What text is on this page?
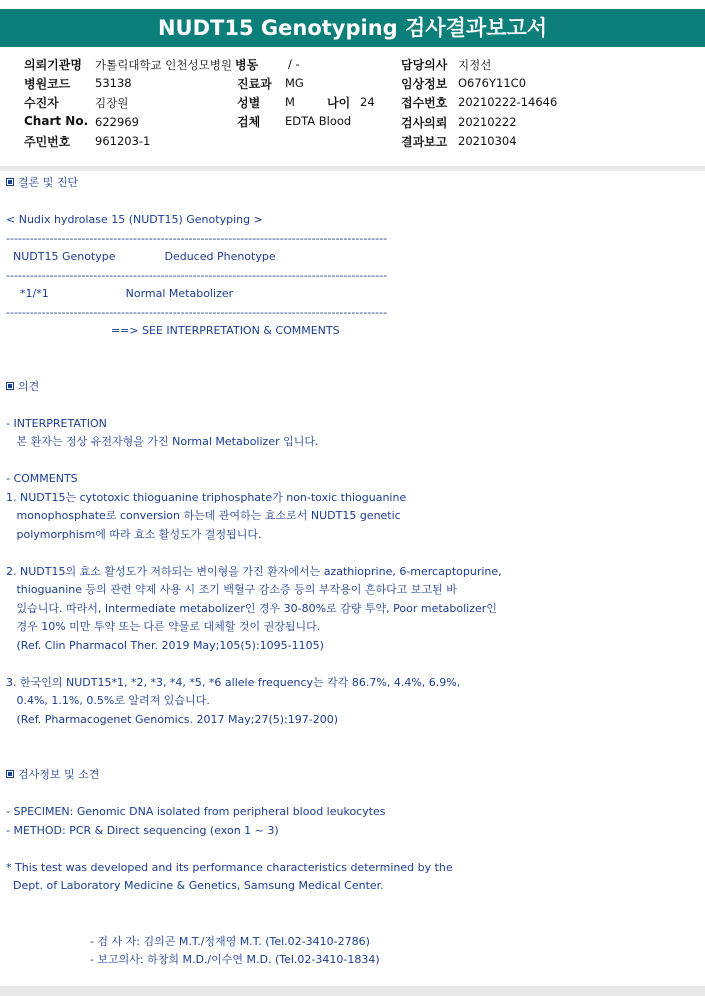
NUDT15 Genotyping 검사결과보고서
의뢰기관명 가톨릭대학교 인천성모병원 병동	/ -	담당의사 지정선
병원코드 53138	진료과 MG	임상정보 O676Y11C0
수진자	김장원	성별 M	나이 24 접수번호 20210222-14646
Chart No. 622969	검체 EDTA Blood	검사의뢰 20210222
주민번호 961203-1	결과보고 20210304
결론 및 진단
< Nudix hydrolase 15 (NUDT15) Genotyping >
------------------------------------------------------------------------------------------------
NUDT15 Genotype              Deduced Phenotype
------------------------------------------------------------------------------------------------
*1/*1                      Normal Metabolizer
------------------------------------------------------------------------------------------------
==> SEE INTERPRETATION & COMMENTS
의견
- INTERPRETATION
본 환자는 정상 유전자형을 가진 Normal Metabolizer 입니다.
- COMMENTS
1. NUDT15는 cytotoxic thioguanine triphosphate가 non-toxic thioguanine
monophosphate로 conversion 하는데 관여하는 효소로서 NUDT15 genetic
polymorphism에 따라 효소 활성도가 결정됩니다.
2. NUDT15의 효소 활성도가 저하되는 변이형을 가진 환자에서는 azathioprine, 6-mercaptopurine,
thioguanine 등의 관련 약제 사용 시 조기 백혈구 감소증 등의 부작용이 흔하다고 보고된 바
있습니다. 따라서, Intermediate metabolizer인 경우 30-80%로 감량 투약, Poor metabolizer인
경우 10% 미만 투약 또는 다른 약물로 대체할 것이 권장됩니다.
(Ref. Clin Pharmacol Ther. 2019 May;105(5):1095-1105)
3. 한국인의 NUDT15*1, *2, *3, *4, *5, *6 allele frequency는 각각 86.7%, 4.4%, 6.9%,
0.4%, 1.1%, 0.5%로 알려져 있습니다.
(Ref. Pharmacogenet Genomics. 2017 May;27(5):197-200)
검사정보 및 소견
- SPECIMEN: Genomic DNA isolated from peripheral blood leukocytes
- METHOD: PCR & Direct sequencing (exon 1 ~ 3)
* This test was developed and its performance characteristics determined by the
Dept. of Laboratory Medicine & Genetics, Samsung Medical Center.
- 검 사 자: 김의곤 M.T./정재영 M.T. (Tel.02-3410-2786)
- 보고의사: 하창희 M.D./이수연 M.D. (Tel.02-3410-1834)
